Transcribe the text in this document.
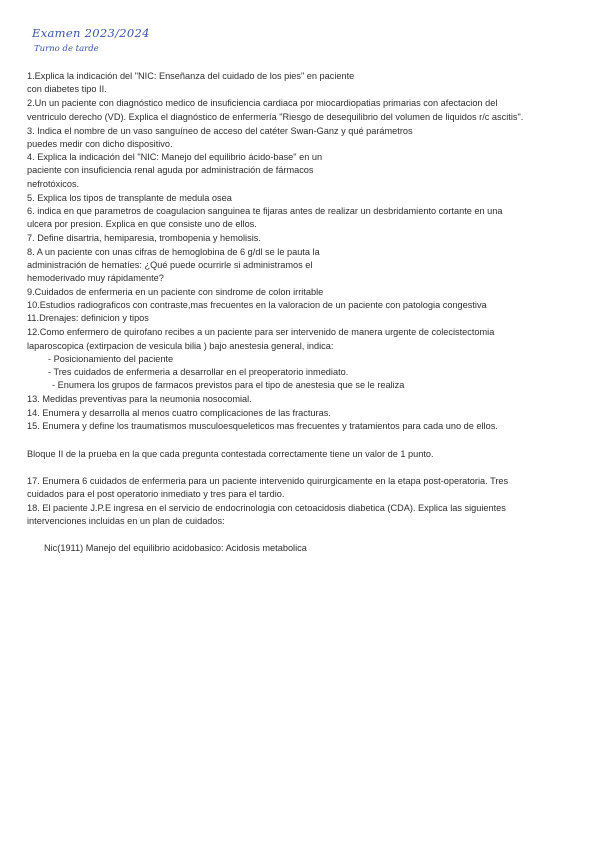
Examen 2023/2024
Turno de tarde
1.Explica la indicación del "NIC: Enseñanza del cuidado de los pies" en paciente
con diabetes tipo II.
2.Un un paciente con diagnóstico medico de insuficiencia cardiaca por miocardiopatias primarias con afectacion del
ventriculo derecho (VD). Explica el diagnóstico de enfermería "Riesgo de desequilibrio del volumen de liquidos r/c ascitis".
3. Indica el nombre de un vaso sanguíneo de acceso del catéter Swan-Ganz y qué parámetros
puedes medir con dicho dispositivo.
4. Explica la indicación del "NIC: Manejo del equilibrio ácido-base" en un
paciente con insuficiencia renal aguda por administración de fármacos
nefrotóxicos.
5. Explica los tipos de transplante de medula osea
6. indica en que parametros de coagulacion sanguinea te fijaras antes de realizar un desbridamiento cortante en una
ulcera por presion. Explica en que consiste uno de ellos.
7. Define disartria, hemiparesia, trombopenia y hemolisis.
8. A un paciente con unas cifras de hemoglobina de 6 g/dl se le pauta la
administración de hematíes: ¿Qué puede ocurrirle si administramos el
hemoderivado muy rápidamente?
9.Cuidados de enfermeria en un paciente con sindrome de colon irritable
10.Estudios radiograficos con contraste,mas frecuentes en la valoracion de un paciente con patologia congestiva
11.Drenajes: definicion y tipos
12.Como enfermero de quirofano recibes a un paciente para ser intervenido de manera urgente de colecistectomia
laparoscopica (extirpacion de vesicula bilia ) bajo anestesia general, indica:
- Posicionamiento del paciente
- Tres cuidados de enfermeria a desarrollar en el preoperatorio inmediato.
- Enumera los grupos de farmacos previstos para el tipo de anestesia que se le realiza
13. Medidas preventivas para la neumonia nosocomial.
14. Enumera y desarrolla al menos cuatro complicaciones de las fracturas.
15. Enumera y define los traumatismos musculoesqueleticos mas frecuentes y tratamientos para cada uno de ellos.
Bloque II de la prueba en la que cada pregunta contestada correctamente tiene un valor de 1 punto.
17. Enumera 6 cuidados de enfermeria para un paciente intervenido quirurgicamente en la etapa post-operatoria. Tres
cuidados para el post operatorio inmediato y tres para el tardio.
18. El paciente J.P.E ingresa en el servicio de endocrinologia con cetoacidosis diabetica (CDA). Explica las siguientes
intervenciones incluidas en un plan de cuidados:
Nic(1911) Manejo del equilibrio acidobasico: Acidosis metabolica
